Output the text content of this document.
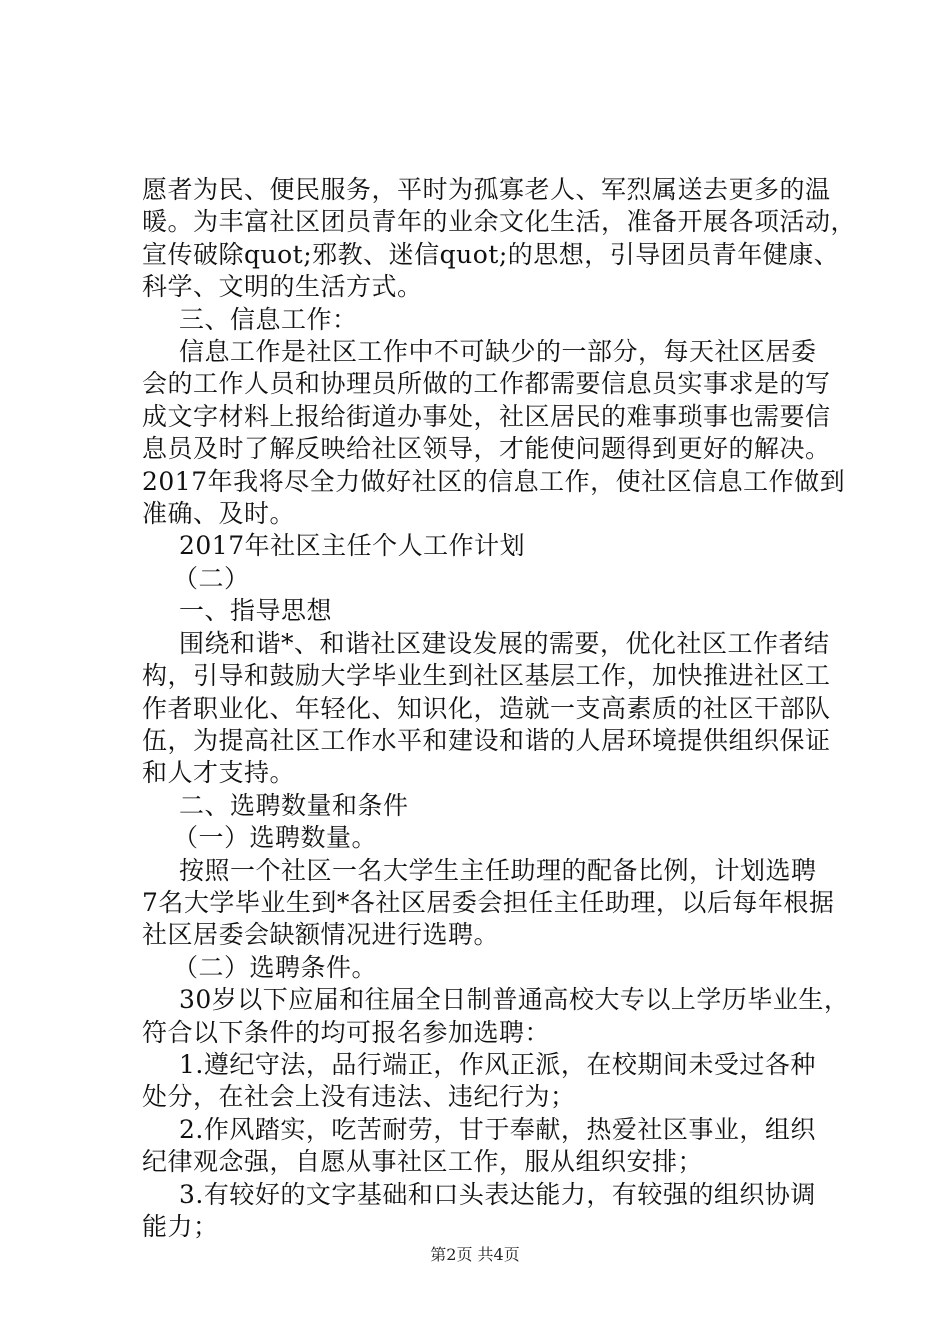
愿者为民、便民服务，平时为孤寡老人、军烈属送去更多的温

暖。为丰富社区团员青年的业余文化生活，准备开展各项活动，

宣传破除quot;邪教、迷信quot;的思想，引导团员青年健康、

科学、文明的生活方式。

三、信息工作：

信息工作是社区工作中不可缺少的一部分，每天社区居委

会的工作人员和协理员所做的工作都需要信息员实事求是的写

成文字材料上报给街道办事处，社区居民的难事琐事也需要信

息员及时了解反映给社区领导，才能使问题得到更好的解决。

2017年我将尽全力做好社区的信息工作，使社区信息工作做到

准确、及时。

2017年社区主任个人工作计划

（二）

一、指导思想

围绕和谐*、和谐社区建设发展的需要，优化社区工作者结

构，引导和鼓励大学毕业生到社区基层工作，加快推进社区工

作者职业化、年轻化、知识化，造就一支高素质的社区干部队

伍，为提高社区工作水平和建设和谐的人居环境提供组织保证

和人才支持。

二、选聘数量和条件

（一）选聘数量。

按照一个社区一名大学生主任助理的配备比例，计划选聘

7名大学毕业生到*各社区居委会担任主任助理，以后每年根据

社区居委会缺额情况进行选聘。

（二）选聘条件。

30岁以下应届和往届全日制普通高校大专以上学历毕业生，

符合以下条件的均可报名参加选聘：

1.遵纪守法，品行端正，作风正派，在校期间未受过各种

处分，在社会上没有违法、违纪行为；

2.作风踏实，吃苦耐劳，甘于奉献，热爱社区事业，组织

纪律观念强，自愿从事社区工作，服从组织安排；

3.有较好的文字基础和口头表达能力，有较强的组织协调

能力；

第2页 共4页
